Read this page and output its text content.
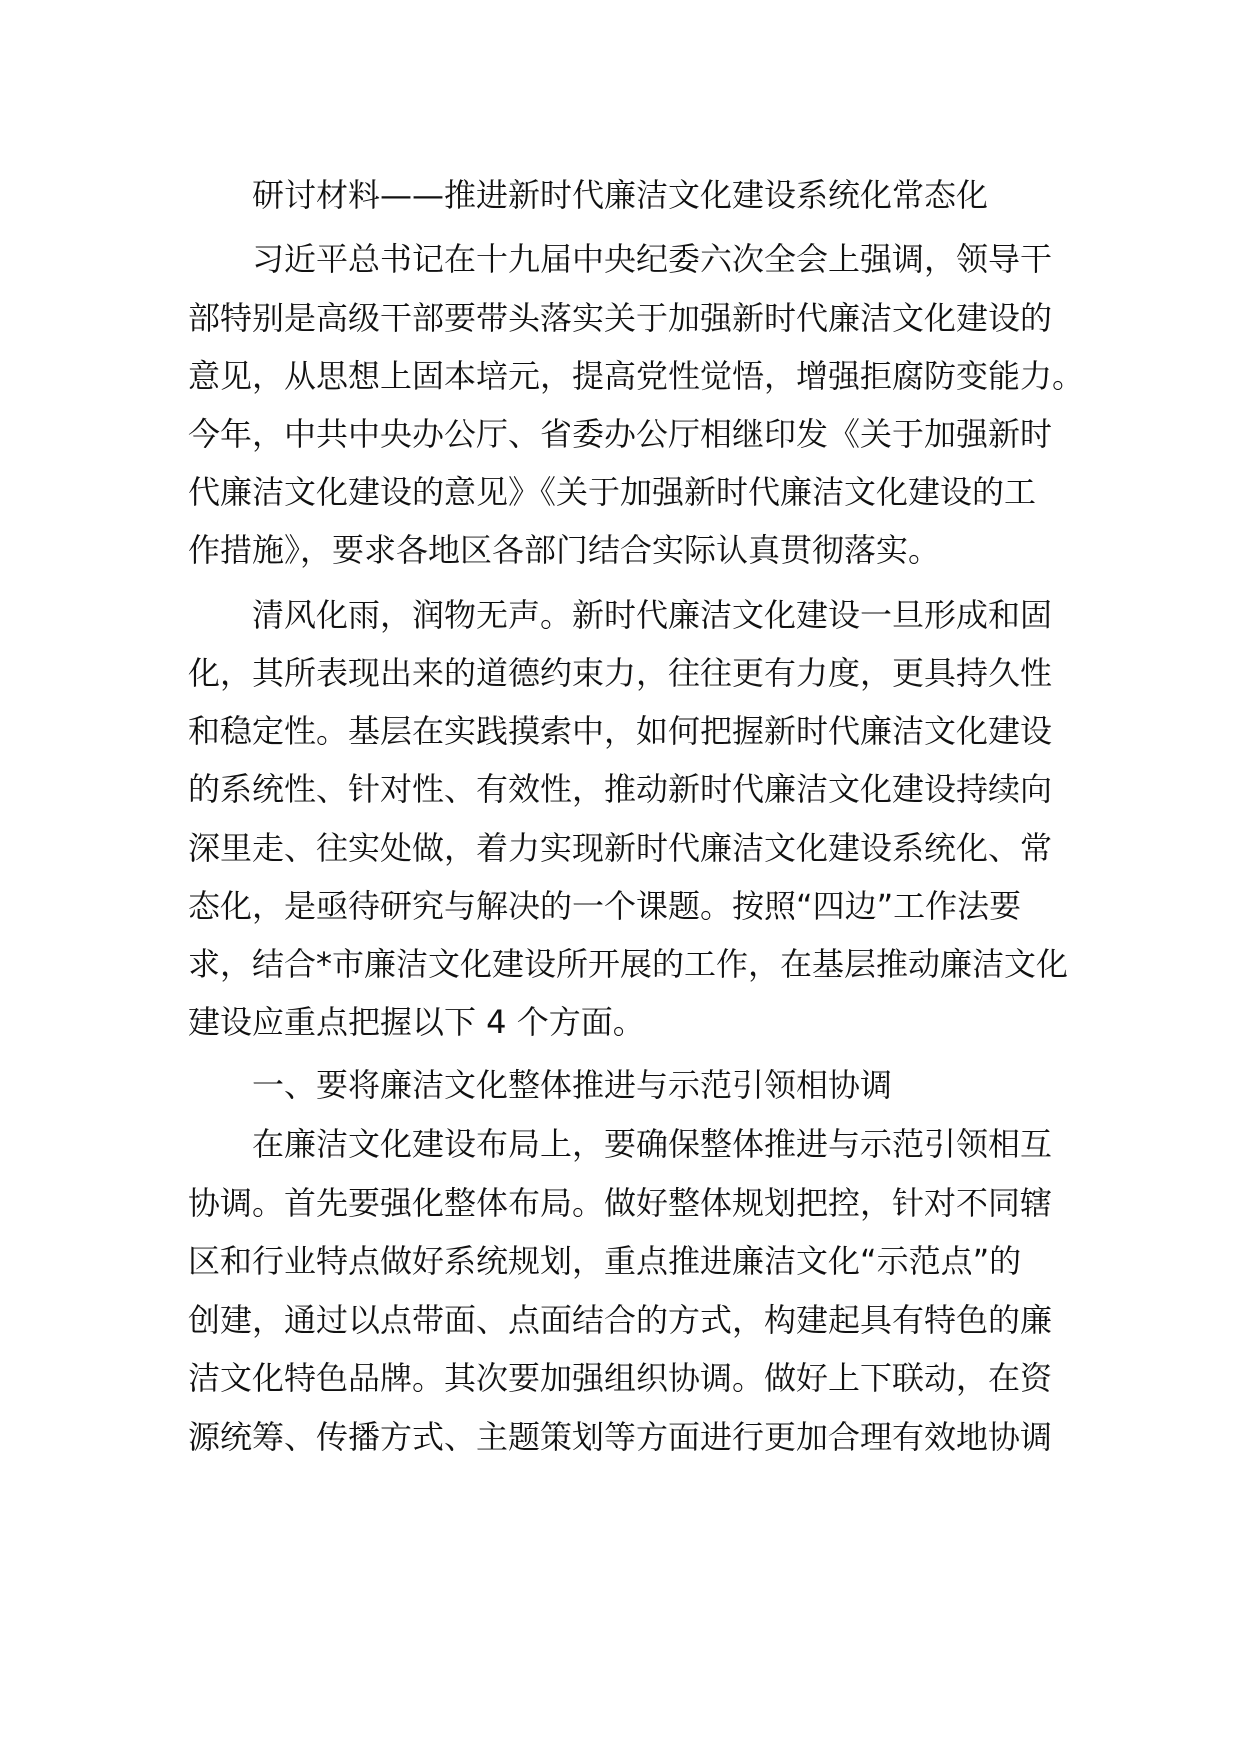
研讨材料——推进新时代廉洁文化建设系统化常态化
习近平总书记在十九届中央纪委六次全会上强调，领导干
部特别是高级干部要带头落实关于加强新时代廉洁文化建设的
意见，从思想上固本培元，提高党性觉悟，增强拒腐防变能力。
今年，中共中央办公厅、省委办公厅相继印发《关于加强新时
代廉洁文化建设的意见》《关于加强新时代廉洁文化建设的工
作措施》，要求各地区各部门结合实际认真贯彻落实。
清风化雨，润物无声。新时代廉洁文化建设一旦形成和固
化，其所表现出来的道德约束力，往往更有力度，更具持久性
和稳定性。基层在实践摸索中，如何把握新时代廉洁文化建设
的系统性、针对性、有效性，推动新时代廉洁文化建设持续向
深里走、往实处做，着力实现新时代廉洁文化建设系统化、常
态化，是亟待研究与解决的一个课题。按照“四边”工作法要
求，结合*市廉洁文化建设所开展的工作，在基层推动廉洁文化
建设应重点把握以下 4 个方面。
一、要将廉洁文化整体推进与示范引领相协调
在廉洁文化建设布局上，要确保整体推进与示范引领相互
协调。首先要强化整体布局。做好整体规划把控，针对不同辖
区和行业特点做好系统规划，重点推进廉洁文化“示范点”的
创建，通过以点带面、点面结合的方式，构建起具有特色的廉
洁文化特色品牌。其次要加强组织协调。做好上下联动，在资
源统筹、传播方式、主题策划等方面进行更加合理有效地协调
